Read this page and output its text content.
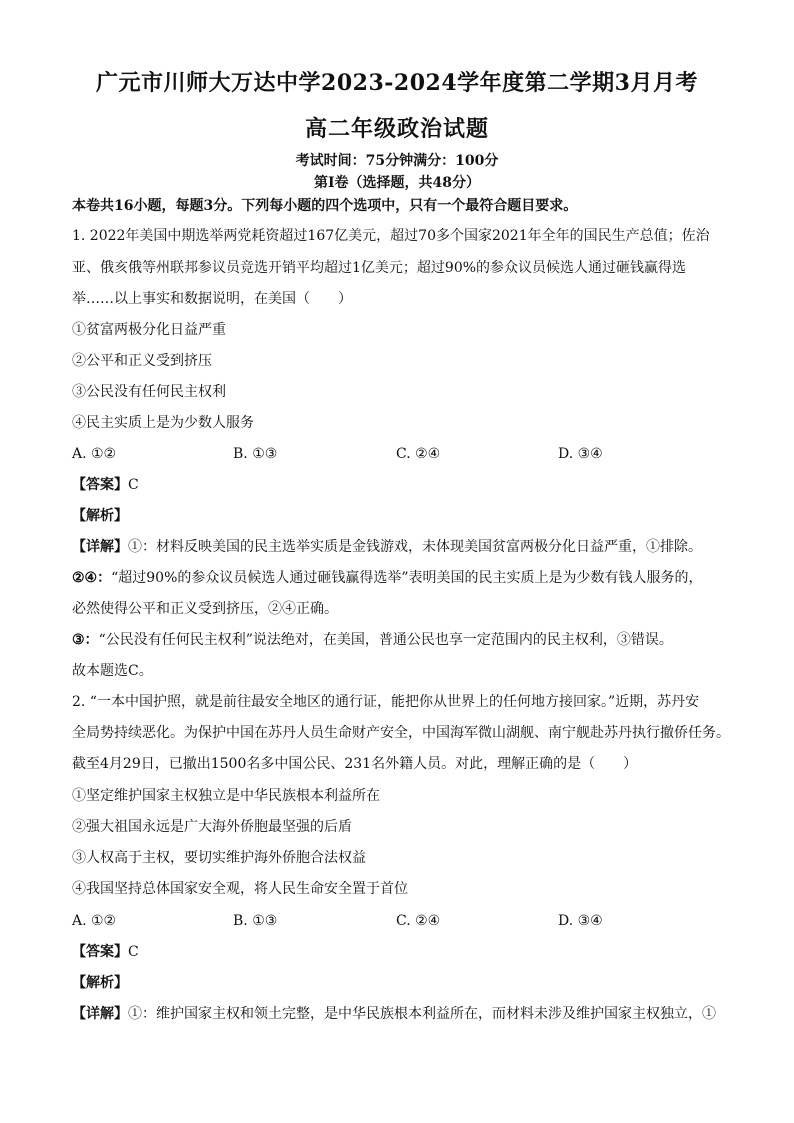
广元市川师大万达中学2023-2024学年度第二学期3月月考
高二年级政治试题
考试时间：75分钟满分：100分
第Ⅰ卷（选择题，共48分）
本卷共16小题，每题3分。下列每小题的四个选项中，只有一个最符合题目要求。
1. 2022年美国中期选举两党耗资超过167亿美元，超过70多个国家2021年全年的国民生产总值；佐治
亚、俄亥俄等州联邦参议员竞选开销平均超过1亿美元；超过90%的参众议员候选人通过砸钱赢得选
举……以上事实和数据说明，在美国（　　）
①贫富两极分化日益严重
②公平和正义受到挤压
③公民没有任何民主权利
④民主实质上是为少数人服务
A. ①②	B. ①③	C. ②④	D. ③④
【答案】C
【解析】
【详解】①：材料反映美国的民主选举实质是金钱游戏，未体现美国贫富两极分化日益严重，①排除。
②④：“超过90%的参众议员候选人通过砸钱赢得选举”表明美国的民主实质上是为少数有钱人服务的，
必然使得公平和正义受到挤压，②④正确。
③：“公民没有任何民主权利”说法绝对，在美国，普通公民也享一定范围内的民主权利，③错误。
故本题选C。
2. “一本中国护照，就是前往最安全地区的通行证，能把你从世界上的任何地方接回家。”近期，苏丹安
全局势持续恶化。为保护中国在苏丹人员生命财产安全，中国海军微山湖舰、南宁舰赴苏丹执行撤侨任务。
截至4月29日，已撤出1500名多中国公民、231名外籍人员。对此，理解正确的是（　　）
①坚定维护国家主权独立是中华民族根本利益所在
②强大祖国永远是广大海外侨胞最坚强的后盾
③人权高于主权，要切实维护海外侨胞合法权益
④我国坚持总体国家安全观，将人民生命安全置于首位
A. ①②	B. ①③	C. ②④	D. ③④
【答案】C
【解析】
【详解】①：维护国家主权和领土完整，是中华民族根本利益所在，而材料未涉及维护国家主权独立，①
